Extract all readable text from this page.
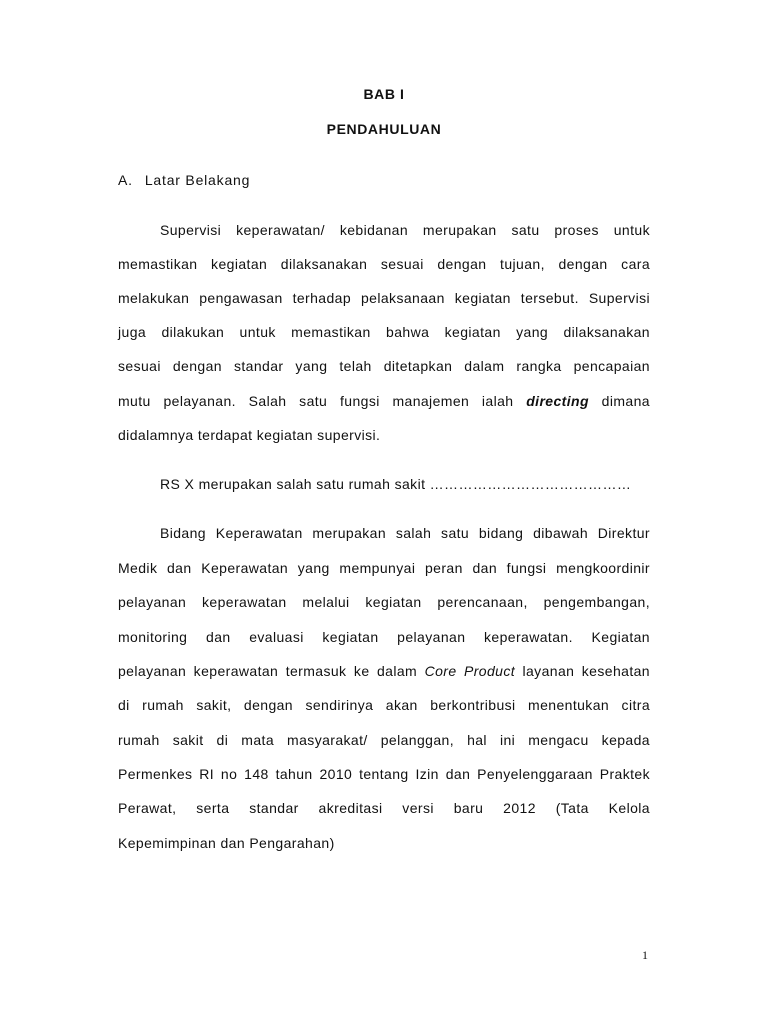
BAB I
PENDAHULUAN
A. Latar Belakang
Supervisi keperawatan/ kebidanan merupakan satu proses untuk
memastikan kegiatan dilaksanakan sesuai dengan tujuan, dengan cara
melakukan pengawasan terhadap pelaksanaan kegiatan tersebut. Supervisi
juga dilakukan untuk memastikan bahwa kegiatan yang dilaksanakan
sesuai dengan standar yang telah ditetapkan dalam rangka pencapaian
mutu pelayanan. Salah satu fungsi manajemen ialah directing dimana
didalamnya terdapat kegiatan supervisi.
RS X merupakan salah satu rumah sakit ……………………………………
Bidang Keperawatan merupakan salah satu bidang dibawah Direktur
Medik dan Keperawatan yang mempunyai peran dan fungsi mengkoordinir
pelayanan keperawatan melalui kegiatan perencanaan, pengembangan,
monitoring dan evaluasi kegiatan pelayanan keperawatan. Kegiatan
pelayanan keperawatan termasuk ke dalam Core Product layanan kesehatan
di rumah sakit, dengan sendirinya akan berkontribusi menentukan citra
rumah sakit di mata masyarakat/ pelanggan, hal ini mengacu kepada
Permenkes RI no 148 tahun 2010 tentang Izin dan Penyelenggaraan Praktek
Perawat, serta standar akreditasi versi baru 2012 (Tata Kelola
Kepemimpinan dan Pengarahan)
1
